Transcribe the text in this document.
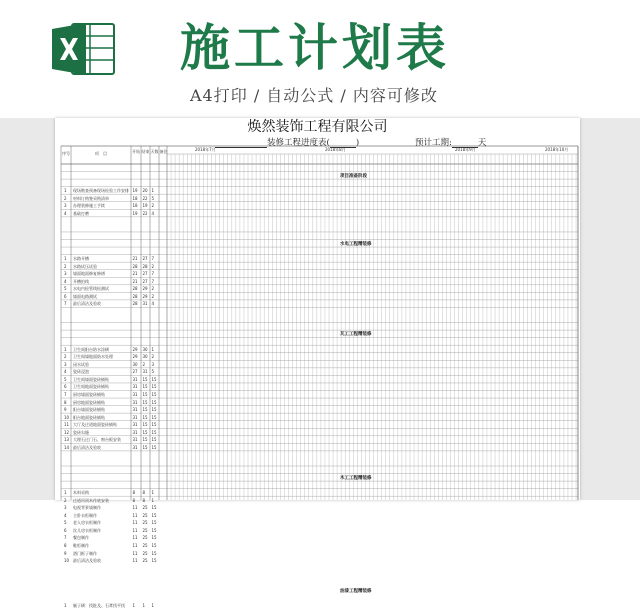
施工计划表
A4打印 / 自动公式 / 内容可修改
焕然装饰工程有限公司
装修工程进度表(	)	预计工期:	天
序号	项　目	开始 结束 天数 备注	2018年7月	2018年8月	2018年9月	2018年10月
项目准备阶段
1 现场勘查预备现场检验工作安排 19 20 1
2 材料订购签采购清单	18 22 5
3 办理装修施工手续	18 19 2
4 基础打磨	19 22 4
水电工程精装修
1 水路开槽	21 27 7
2 水路试压试验	28 28 2
3 墙面地面修复修缮	21 27 7
4 开槽拍线	21 27 7
5 水电内检管线检测试	28 29 2
6 墙面电路测试	28 29 2
7 最后清洁及验收	28 31 4
瓦工工程精装修
1 卫生间阳台防水涂刷	29 30 1
2 卫生间墙地面防水处理	29 30 2
3 闭水试验	30 2 3
4 瓷砖浸泡	27 31 5
5 卫生间墙面瓷砖铺贴	31 15 15
6 卫生间地面瓷砖铺贴	31 15 15
7 厨房墙面瓷砖铺贴	31 15 15
8 厨房地面瓷砖铺贴	31 15 15
9 阳台墙面瓷砖铺贴	31 15 15
10 阳台地面瓷砖铺贴	31 15 15
11 大厅及过道地面瓷砖铺贴	31 15 15
12 瓷砖勾缝	31 15 15
13 大理石过门石、窗台板安装	31 15 15
14 最后清洁及验收	31 15 15
木工工程精装修
1 木料采购	8 8 1
2 过道吊顶木作底安装	8 8 1
3 电视背景墙制作	11 25 15
4 主卧衣柜制作	11 25 15
5 老人房衣柜制作	11 25 15
6 次儿房衣柜制作	11 25 15
7 餐包制作	11 25 15
8 鞋柜制作	11 25 15
9 酒门框子制作	11 25 15
10 最后清洁及验收	11 25 15
油漆工程精装修
1 腻子刷：找批及、石膏找平找 1 1 1
